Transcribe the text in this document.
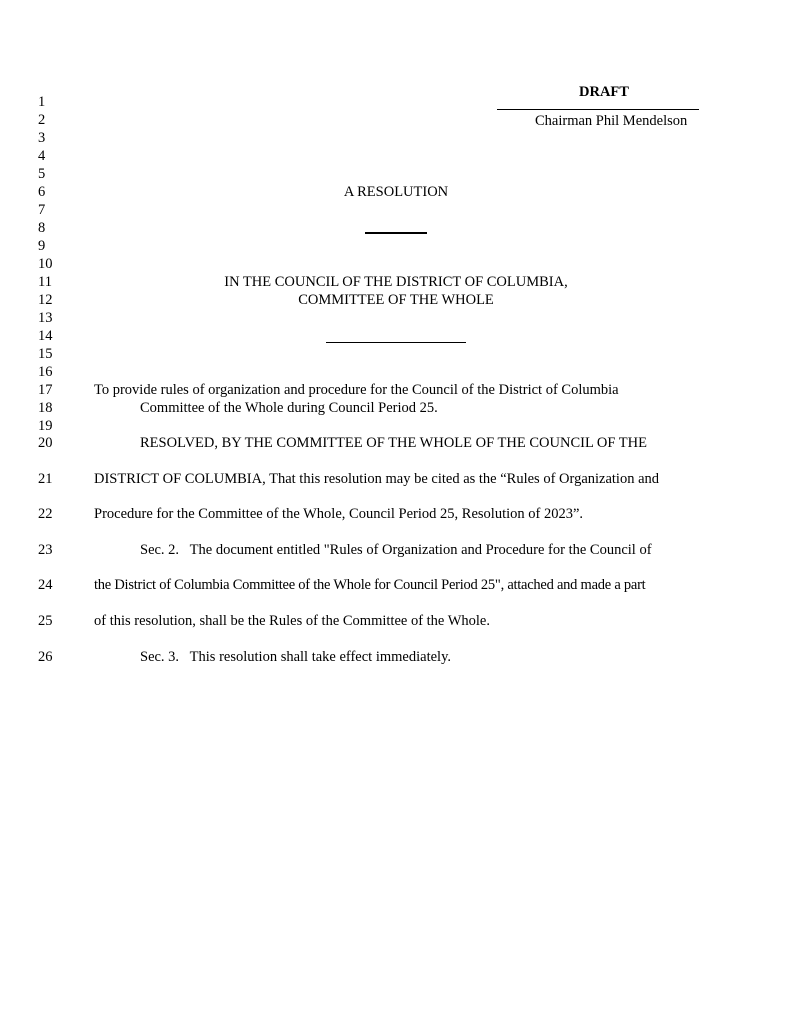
DRAFT
Chairman Phil Mendelson
1
2
3
4
5
6
7
8
9
10
11
12
13
14
15
16
17
18
19
20
21
22
23
24
25
26
A RESOLUTION
IN THE COUNCIL OF THE DISTRICT OF COLUMBIA,
COMMITTEE OF THE WHOLE
To provide rules of organization and procedure for the Council of the District of Columbia
Committee of the Whole during Council Period 25.
RESOLVED, BY THE COMMITTEE OF THE WHOLE OF THE COUNCIL OF THE
DISTRICT OF COLUMBIA, That this resolution may be cited as the “Rules of Organization and
Procedure for the Committee of the Whole, Council Period 25, Resolution of 2023”.
Sec. 2.   The document entitled "Rules of Organization and Procedure for the Council of
the District of Columbia Committee of the Whole for Council Period 25", attached and made a part
of this resolution, shall be the Rules of the Committee of the Whole.
Sec. 3.   This resolution shall take effect immediately.
